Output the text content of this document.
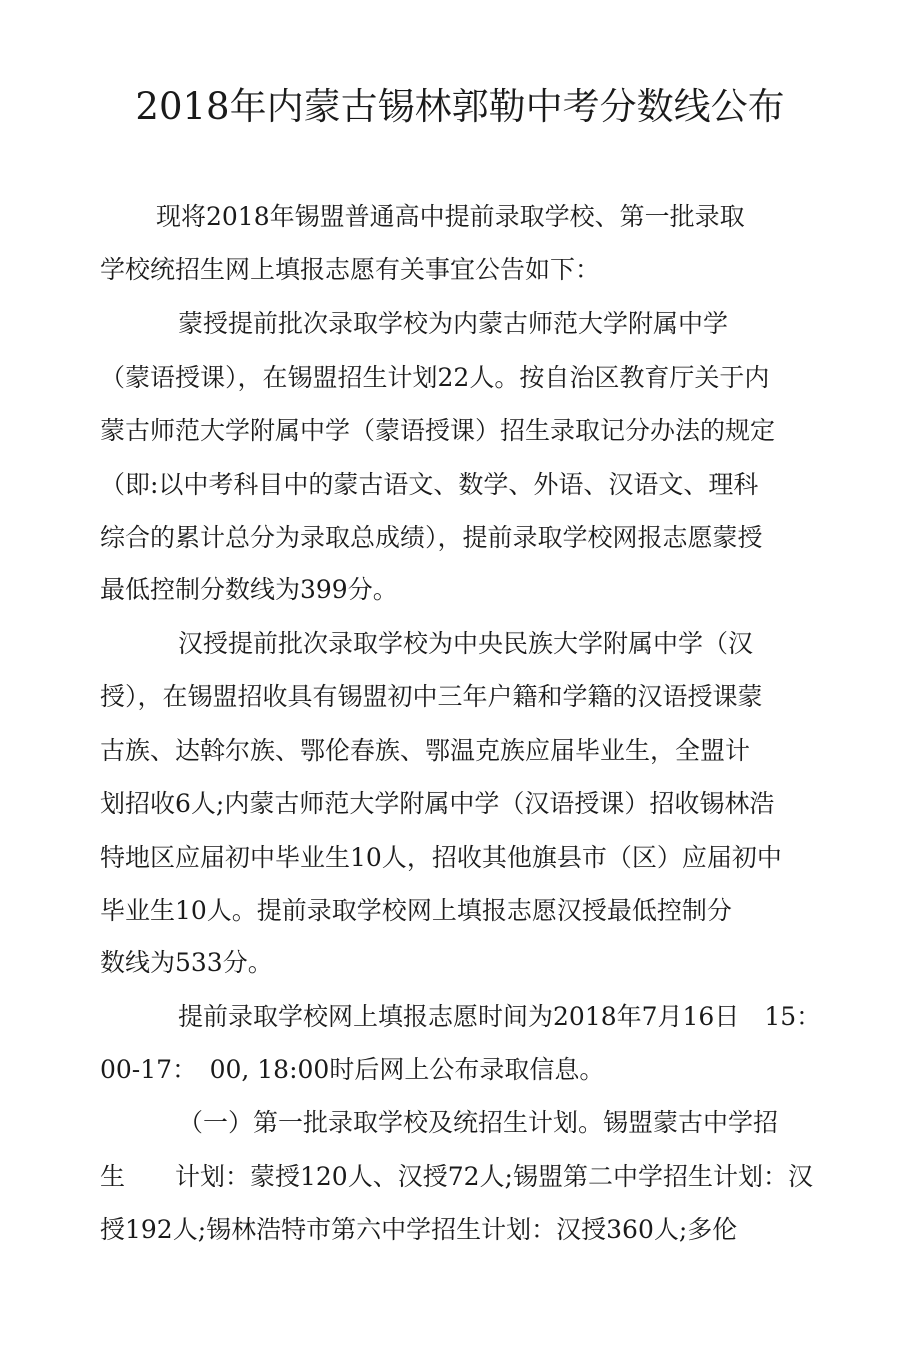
2018年内蒙古锡林郭勒中考分数线公布
现将2018年锡盟普通高中提前录取学校、第一批录取
学校统招生网上填报志愿有关事宜公告如下：
蒙授提前批次录取学校为内蒙古师范大学附属中学
（蒙语授课），在锡盟招生计划22人。按自治区教育厅关于内
蒙古师范大学附属中学（蒙语授课）招生录取记分办法的规定
（即:以中考科目中的蒙古语文、数学、外语、汉语文、理科
综合的累计总分为录取总成绩），提前录取学校网报志愿蒙授
最低控制分数线为399分。
汉授提前批次录取学校为中央民族大学附属中学（汉
授），在锡盟招收具有锡盟初中三年户籍和学籍的汉语授课蒙
古族、达斡尔族、鄂伦春族、鄂温克族应届毕业生，全盟计
划招收6人;内蒙古师范大学附属中学（汉语授课）招收锡林浩
特地区应届初中毕业生10人，招收其他旗县市（区）应届初中
毕业生10人。提前录取学校网上填报志愿汉授最低控制分
数线为533分。
提前录取学校网上填报志愿时间为2018年7月16日　15：
00-17：　00, 18:00时后网上公布录取信息。
（一）第一批录取学校及统招生计划。锡盟蒙古中学招
生　　计划：蒙授120人、汉授72人;锡盟第二中学招生计划：汉
授192人;锡林浩特市第六中学招生计划：汉授360人;多伦
